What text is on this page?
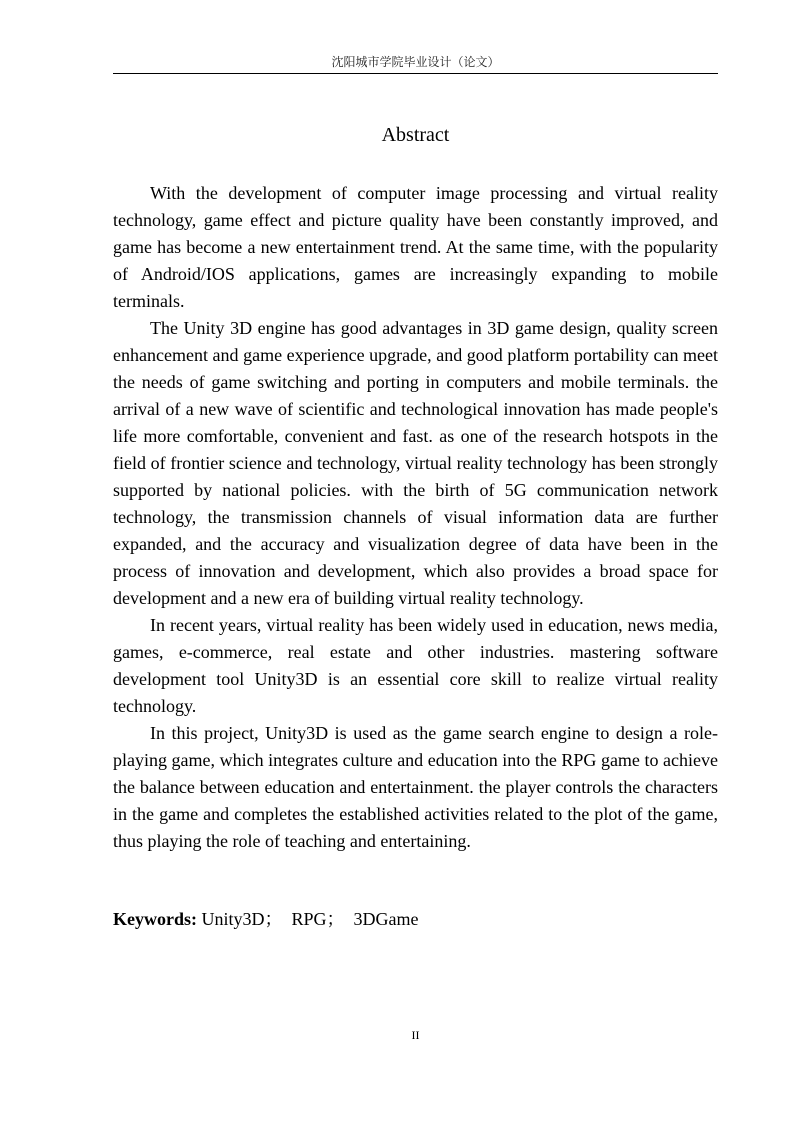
沈阳城市学院毕业设计（论文）
Abstract

With the development of computer image processing and virtual reality technology, game effect and picture quality have been constantly improved, and game has become a new entertainment trend. At the same time, with the popularity of Android/IOS applications, games are increasingly expanding to mobile terminals.

The Unity 3D engine has good advantages in 3D game design, quality screen enhancement and game experience upgrade, and good platform portability can meet the needs of game switching and porting in computers and mobile terminals. the arrival of a new wave of scientific and technological innovation has made people's life more comfortable, convenient and fast. as one of the research hotspots in the field of frontier science and technology, virtual reality technology has been strongly supported by national policies. with the birth of 5G communication network technology, the transmission channels of visual information data are further expanded, and the accuracy and visualization degree of data have been in the process of innovation and development, which also provides a broad space for development and a new era of building virtual reality technology.

In recent years, virtual reality has been widely used in education, news media, games, e-commerce, real estate and other industries. mastering software development tool Unity3D is an essential core skill to realize virtual reality technology.

In this project, Unity3D is used as the game search engine to design a role-playing game, which integrates culture and education into the RPG game to achieve the balance between education and entertainment. the player controls the characters in the game and completes the established activities related to the plot of the game, thus playing the role of teaching and entertaining.

Keywords: Unity3D；  RPG；  3DGame
II
